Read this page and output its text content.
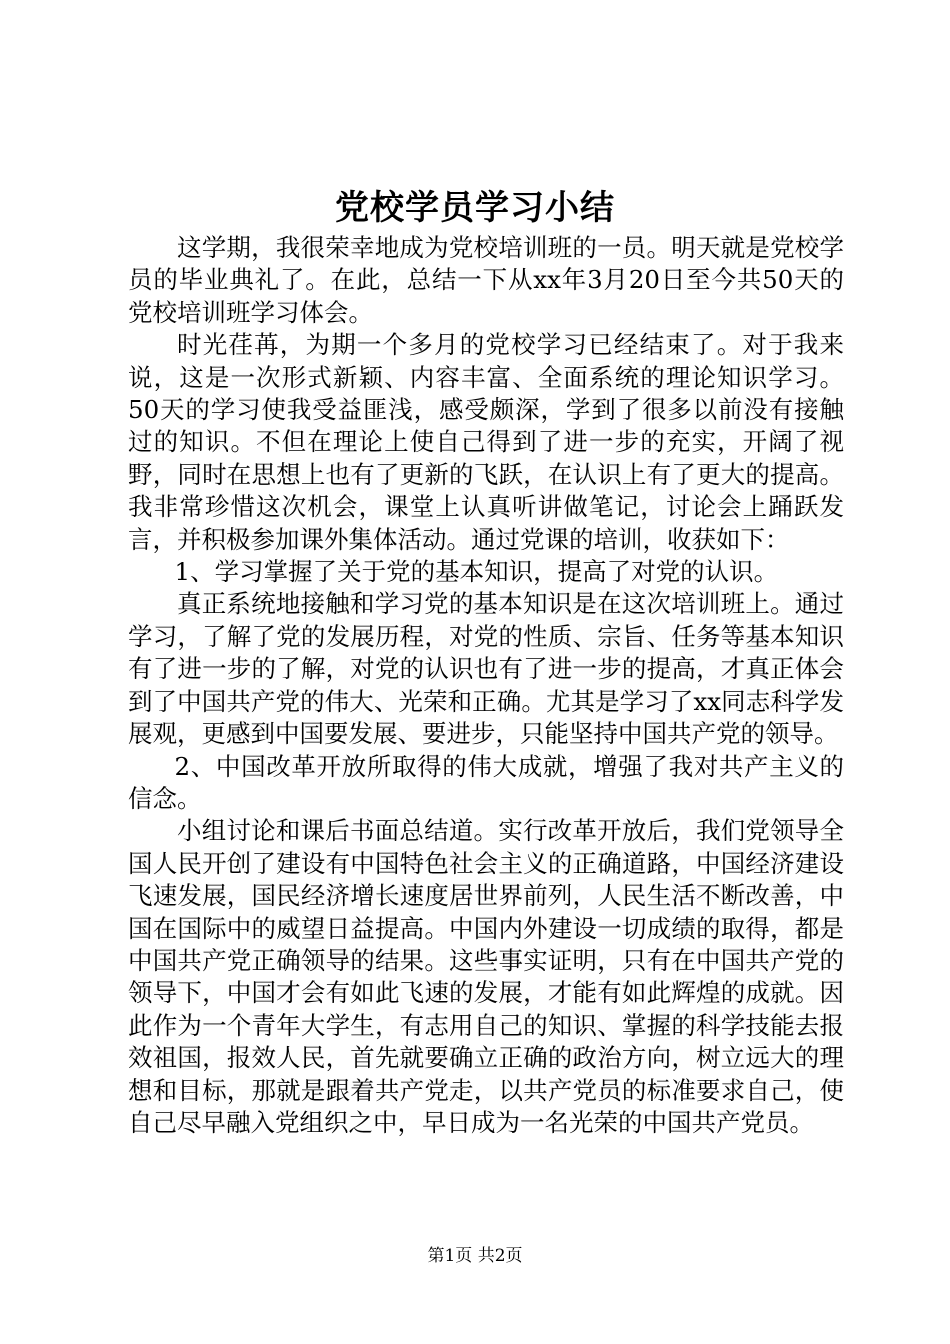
党校学员学习小结

这学期，我很荣幸地成为党校培训班的一员。明天就是党校学员的毕业典礼了。在此，总结一下从xx年3月20日至今共50天的党校培训班学习体会。

时光荏苒，为期一个多月的党校学习已经结束了。对于我来说，这是一次形式新颖、内容丰富、全面系统的理论知识学习。50天的学习使我受益匪浅，感受颇深，学到了很多以前没有接触过的知识。不但在理论上使自己得到了进一步的充实，开阔了视野，同时在思想上也有了更新的飞跃，在认识上有了更大的提高。我非常珍惜这次机会，课堂上认真听讲做笔记，讨论会上踊跃发言，并积极参加课外集体活动。通过党课的培训，收获如下：

1、学习掌握了关于党的基本知识，提高了对党的认识。

真正系统地接触和学习党的基本知识是在这次培训班上。通过学习，了解了党的发展历程，对党的性质、宗旨、任务等基本知识有了进一步的了解，对党的认识也有了进一步的提高，才真正体会到了中国共产党的伟大、光荣和正确。尤其是学习了xx同志科学发展观，更感到中国要发展、要进步，只能坚持中国共产党的领导。

2、中国改革开放所取得的伟大成就，增强了我对共产主义的信念。

小组讨论和课后书面总结道。实行改革开放后，我们党领导全国人民开创了建设有中国特色社会主义的正确道路，中国经济建设飞速发展，国民经济增长速度居世界前列，人民生活不断改善，中国在国际中的威望日益提高。中国内外建设一切成绩的取得，都是中国共产党正确领导的结果。这些事实证明，只有在中国共产党的领导下，中国才会有如此飞速的发展，才能有如此辉煌的成就。因此作为一个青年大学生，有志用自己的知识、掌握的科学技能去报效祖国，报效人民，首先就要确立正确的政治方向，树立远大的理想和目标，那就是跟着共产党走，以共产党员的标准要求自己，使自己尽早融入党组织之中，早日成为一名光荣的中国共产党员。

第1页 共2页
